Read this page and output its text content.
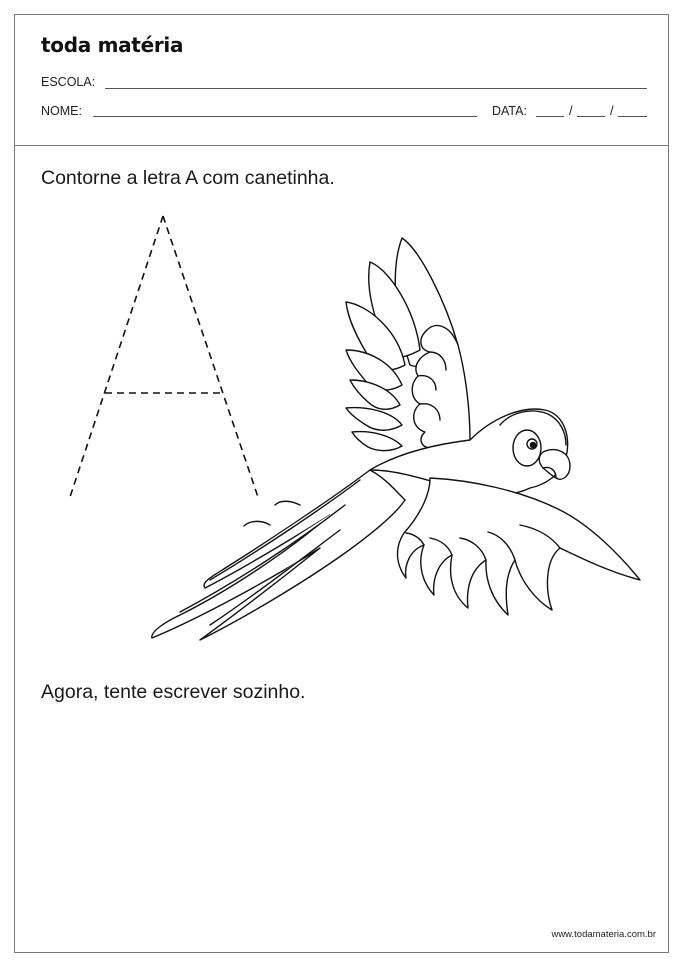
toda matéria
ESCOLA:
NOME:	DATA:	/	/
Contorne a letra A com canetinha.
Agora, tente escrever sozinho.
www.todamateria.com.br
